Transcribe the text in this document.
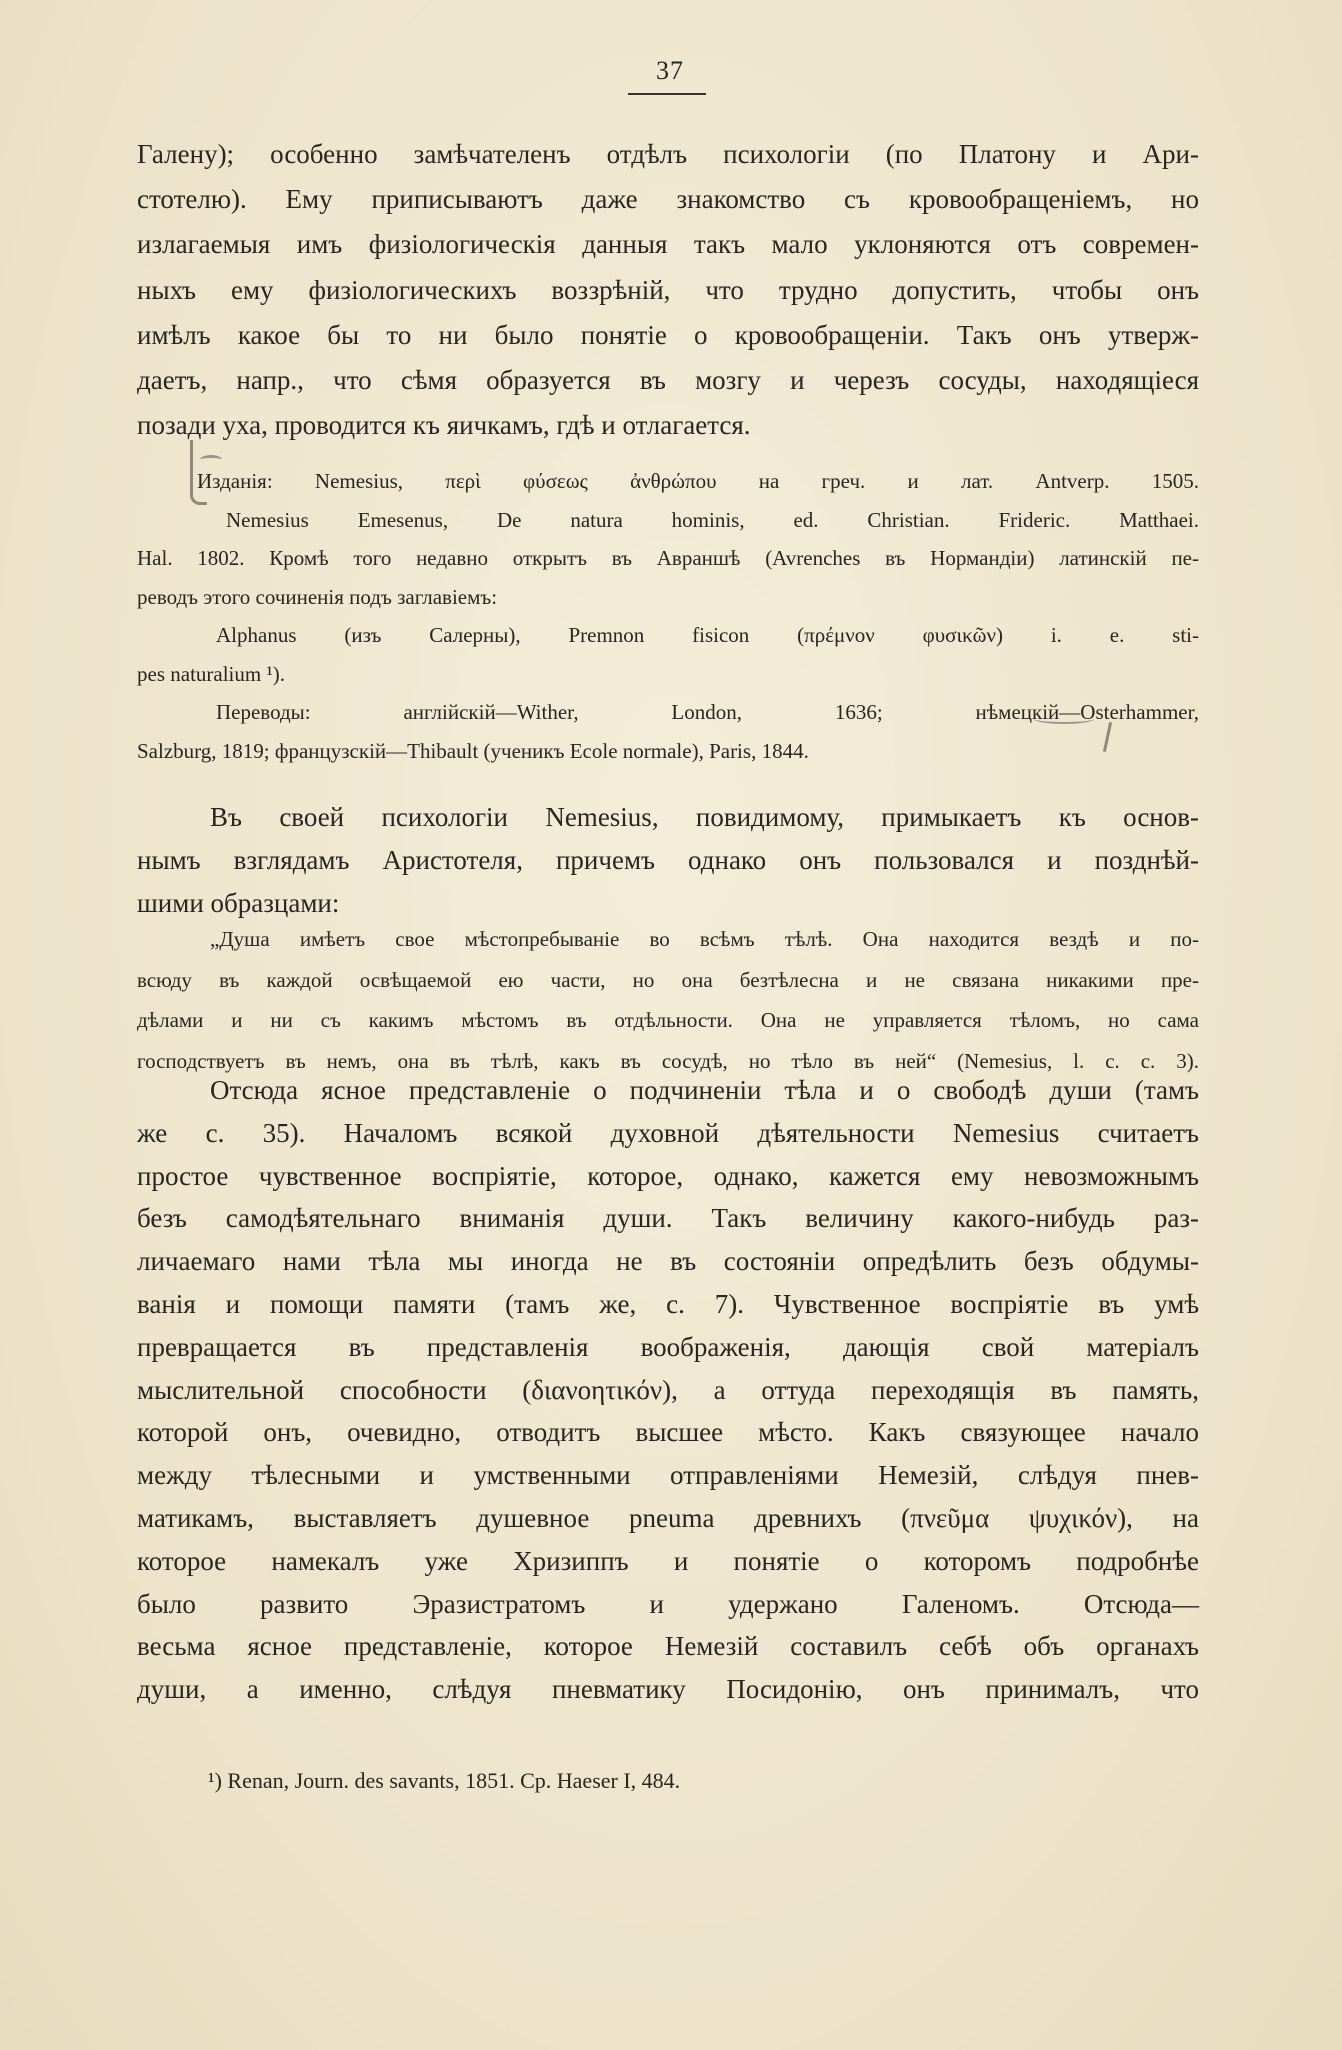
37
Галену); особенно замѣчателенъ отдѣлъ психологіи (по Платону и Ари-
стотелю). Ему приписываютъ даже знакомство съ кровообращеніемъ, но
излагаемыя имъ физіологическія данныя такъ мало уклоняются отъ современ-
ныхъ ему физіологическихъ воззрѣній, что трудно допустить, чтобы онъ
имѣлъ какое бы то ни было понятіе о кровообращеніи. Такъ онъ утверж-
даетъ, напр., что сѣмя образуется въ мозгу и черезъ сосуды, находящіеся
позади уха, проводится къ яичкамъ, гдѣ и отлагается.
Изданія: Nemesius, περὶ φύσεως ἀνθρώπου на греч. и лат. Antverp. 1505.
Nemesius Emesenus, De natura hominis, ed. Christian. Frideric. Matthaei.
Hal. 1802. Кромѣ того недавно открытъ въ Авраншѣ (Avrenches въ Нормандіи) латинскій пе-
реводъ этого сочиненія подъ заглавіемъ:
Alphanus (изъ Салерны), Premnon fisicon (πρέμνον φυσικῶν) i. e. sti-
pes naturalium ¹).
Переводы: англійскій—Wither, London, 1636; нѣмецкій—Osterhammer,
Salzburg, 1819; французскій—Thibault (ученикъ Ecole normale), Paris, 1844.
Въ своей психологіи Nemesius, повидимому, примыкаетъ къ основ-
нымъ взглядамъ Аристотеля, причемъ однако онъ пользовался и позднѣй-
шими образцами:
„Душа имѣетъ свое мѣстопребываніе во всѣмъ тѣлѣ. Она находится вездѣ и по-
всюду въ каждой освѣщаемой ею части, но она безтѣлесна и не связана никакими пре-
дѣлами и ни съ какимъ мѣстомъ въ отдѣльности. Она не управляется тѣломъ, но сама
господствуетъ въ немъ, она въ тѣлѣ, какъ въ сосудѣ, но тѣло въ ней“ (Nemesius, l. c. c. 3).
Отсюда ясное представленіе о подчиненіи тѣла и о свободѣ души (тамъ
же с. 35). Началомъ всякой духовной дѣятельности Nemesius считаетъ
простое чувственное воспріятіе, которое, однако, кажется ему невозможнымъ
безъ самодѣятельнаго вниманія души. Такъ величину какого-нибудь раз-
личаемаго нами тѣла мы иногда не въ состояніи опредѣлить безъ обдумы-
ванія и помощи памяти (тамъ же, с. 7). Чувственное воспріятіе въ умѣ
превращается въ представленія воображенія, дающія свой матеріалъ
мыслительной способности (διανοητικόν), а оттуда переходящія въ память,
которой онъ, очевидно, отводитъ высшее мѣсто. Какъ связующее начало
между тѣлесными и умственными отправленіями Немезій, слѣдуя пнев-
матикамъ, выставляетъ душевное pneuma древнихъ (πνεῦμα ψυχικόν), на
которое намекалъ уже Хризиппъ и понятіе о которомъ подробнѣе
было развито Эразистратомъ и удержано Галеномъ. Отсюда—
весьма ясное представленіе, которое Немезій составилъ себѣ объ органахъ
души, а именно, слѣдуя пневматику Посидонію, онъ принималъ, что
¹) Renan, Journ. des savants, 1851. Cp. Haeser I, 484.
